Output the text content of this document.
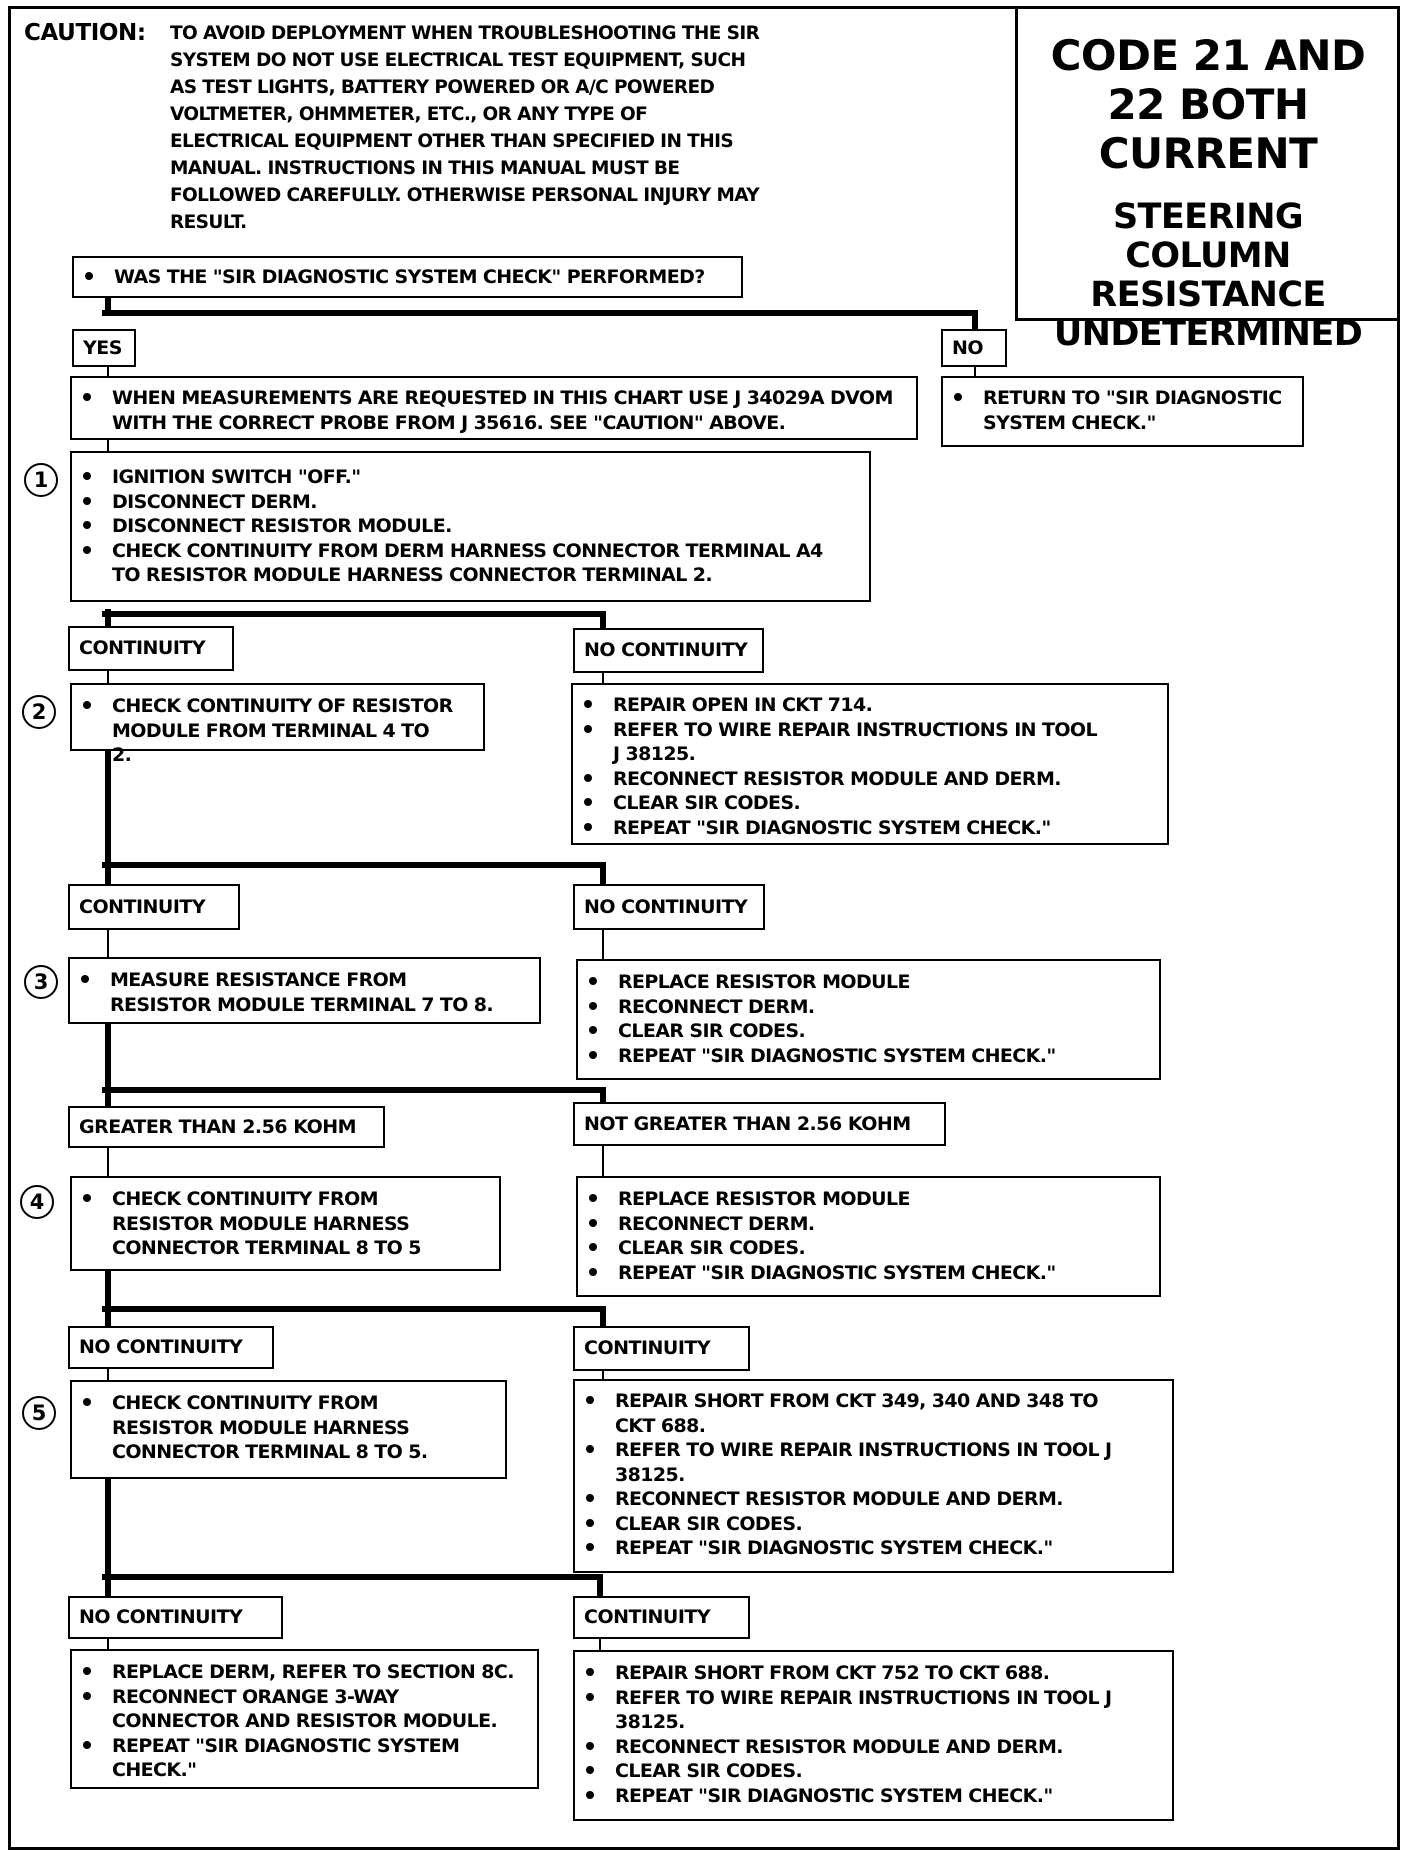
CODE 21 AND 22 BOTH CURRENT
STEERING COLUMN RESISTANCE UNDETERMINED
CAUTION: TO AVOID DEPLOYMENT WHEN TROUBLESHOOTING THE SIR SYSTEM DO NOT USE ELECTRICAL TEST EQUIPMENT, SUCH AS TEST LIGHTS, BATTERY POWERED OR A/C POWERED VOLTMETER, OHMMETER, ETC., OR ANY TYPE OF ELECTRICAL EQUIPMENT OTHER THAN SPECIFIED IN THIS MANUAL. INSTRUCTIONS IN THIS MANUAL MUST BE FOLLOWED CAREFULLY. OTHERWISE PERSONAL INJURY MAY RESULT.
WAS THE "SIR DIAGNOSTIC SYSTEM CHECK" PERFORMED?
YES	NO
WHEN MEASUREMENTS ARE REQUESTED IN THIS CHART USE J 34029A DVOM WITH THE CORRECT PROBE FROM J 35616. SEE "CAUTION" ABOVE.
RETURN TO "SIR DIAGNOSTIC SYSTEM CHECK."
1	IGNITION SWITCH "OFF."
DISCONNECT DERM.
DISCONNECT RESISTOR MODULE.
CHECK CONTINUITY FROM DERM HARNESS CONNECTOR TERMINAL A4 TO RESISTOR MODULE HARNESS CONNECTOR TERMINAL 2.
CONTINUITY	NO CONTINUITY
2	CHECK CONTINUITY OF RESISTOR MODULE FROM TERMINAL 4 TO 2.
REPAIR OPEN IN CKT 714.
REFER TO WIRE REPAIR INSTRUCTIONS IN TOOL J 38125.
RECONNECT RESISTOR MODULE AND DERM.
CLEAR SIR CODES.
REPEAT "SIR DIAGNOSTIC SYSTEM CHECK."
CONTINUITY	NO CONTINUITY
3	MEASURE RESISTANCE FROM RESISTOR MODULE TERMINAL 7 TO 8.
REPLACE RESISTOR MODULE
RECONNECT DERM.
CLEAR SIR CODES.
REPEAT "SIR DIAGNOSTIC SYSTEM CHECK."
GREATER THAN 2.56 KOHM	NOT GREATER THAN 2.56 KOHM
4	CHECK CONTINUITY FROM RESISTOR MODULE HARNESS CONNECTOR TERMINAL 8 TO 5
REPLACE RESISTOR MODULE
RECONNECT DERM.
CLEAR SIR CODES.
REPEAT "SIR DIAGNOSTIC SYSTEM CHECK."
NO CONTINUITY	CONTINUITY
5	CHECK CONTINUITY FROM RESISTOR MODULE HARNESS CONNECTOR TERMINAL 8 TO 5.
REPAIR SHORT FROM CKT 349, 340 AND 348 TO CKT 688.
REFER TO WIRE REPAIR INSTRUCTIONS IN TOOL J 38125.
RECONNECT RESISTOR MODULE AND DERM.
CLEAR SIR CODES.
REPEAT "SIR DIAGNOSTIC SYSTEM CHECK."
NO CONTINUITY	CONTINUITY
REPLACE DERM, REFER TO SECTION 8C.
RECONNECT ORANGE 3-WAY CONNECTOR AND RESISTOR MODULE.
REPEAT "SIR DIAGNOSTIC SYSTEM CHECK."
REPAIR SHORT FROM CKT 752 TO CKT 688.
REFER TO WIRE REPAIR INSTRUCTIONS IN TOOL J 38125.
RECONNECT RESISTOR MODULE AND DERM.
CLEAR SIR CODES.
REPEAT "SIR DIAGNOSTIC SYSTEM CHECK."
